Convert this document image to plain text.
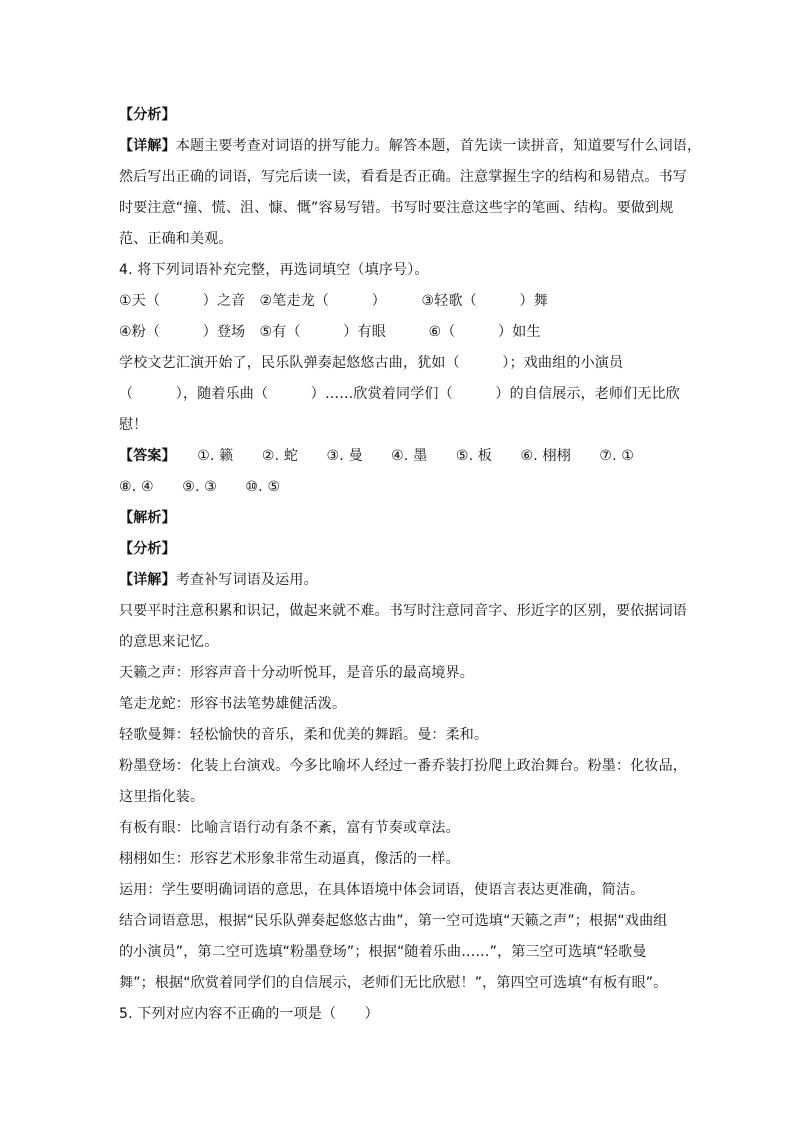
【分析】
【详解】本题主要考查对词语的拼写能力。解答本题，首先读一读拼音，知道要写什么词语，
然后写出正确的词语，写完后读一读，看看是否正确。注意掌握生字的结构和易错点。书写
时要注意“撞、慌、沮、慷、慨”容易写错。书写时要注意这些字的笔画、结构。要做到规
范、正确和美观。
4. 将下列词语补充完整，再选词填空（填序号）。
①天（　　　）之音　②笔走龙（　　　）　　　③轻歌（　　　）舞
④粉（　　　）登场　⑤有（　　　）有眼　　　⑥（　　　）如生
学校文艺汇演开始了，民乐队弹奏起悠悠古曲，犹如（　　　）；戏曲组的小演员
（　　　），随着乐曲（　　　）……欣赏着同学们（　　　）的自信展示，老师们无比欣
慰！
【答案】　　①. 籁　　②. 蛇　　③. 曼　　④. 墨　　⑤. 板　　⑥. 栩栩　　⑦. ①
⑧. ④　　⑨. ③　　⑩. ⑤
【解析】
【分析】
【详解】考查补写词语及运用。
只要平时注意积累和识记，做起来就不难。书写时注意同音字、形近字的区别，要依据词语
的意思来记忆。
天籁之声：形容声音十分动听悦耳，是音乐的最高境界。
笔走龙蛇：形容书法笔势雄健活泼。
轻歌曼舞：轻松愉快的音乐，柔和优美的舞蹈。曼：柔和。
粉墨登场：化装上台演戏。今多比喻坏人经过一番乔装打扮爬上政治舞台。粉墨：化妆品，
这里指化装。
有板有眼：比喻言语行动有条不紊，富有节奏或章法。
栩栩如生：形容艺术形象非常生动逼真，像活的一样。
运用：学生要明确词语的意思，在具体语境中体会词语，使语言表达更准确，简洁。
结合词语意思，根据“民乐队弹奏起悠悠古曲”，第一空可选填“天籁之声”；根据“戏曲组
的小演员”，第二空可选填“粉墨登场”；根据“随着乐曲……”，第三空可选填“轻歌曼
舞”；根据“欣赏着同学们的自信展示，老师们无比欣慰！”，第四空可选填“有板有眼”。
5. 下列对应内容不正确的一项是（　　）
